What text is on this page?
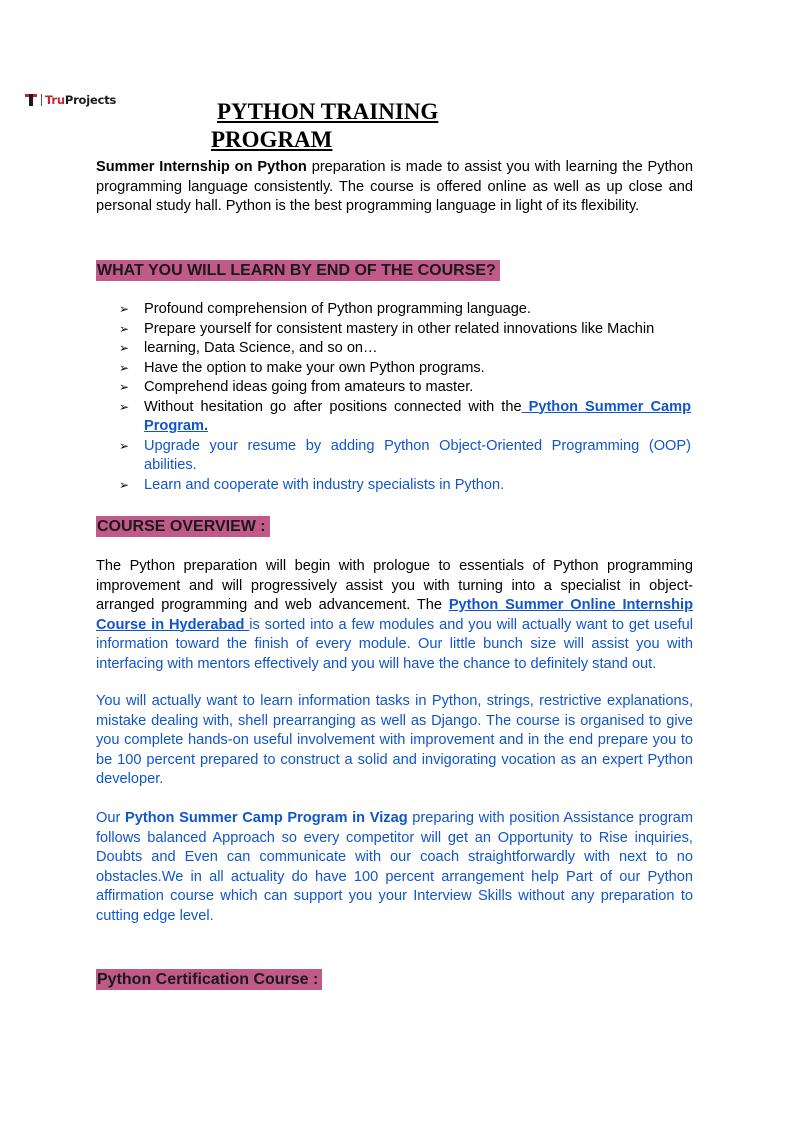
TruProjects	PYTHON TRAINING
PROGRAM

Summer Internship on Python preparation is made to assist you with learning the Python programming language consistently. The course is offered online as well as up close and personal study hall. Python is the best programming language in light of its flexibility.

WHAT YOU WILL LEARN BY END OF THE COURSE?
➢ Profound comprehension of Python programming language.
➢ Prepare yourself for consistent mastery in other related innovations like Machin
➢ learning, Data Science, and so on…
➢ Have the option to make your own Python programs.
➢ Comprehend ideas going from amateurs to master.
➢ Without hesitation go after positions connected with the Python Summer Camp Program.
➢ Upgrade your resume by adding Python Object-Oriented Programming (OOP) abilities.
➢ Learn and cooperate with industry specialists in Python.
COURSE OVERVIEW :

The Python preparation will begin with prologue to essentials of Python programming improvement and will progressively assist you with turning into a specialist in object-arranged programming and web advancement. The Python Summer Online Internship Course in Hyderabad is sorted into a few modules and you will actually want to get useful information toward the finish of every module. Our little bunch size will assist you with interfacing with mentors effectively and you will have the chance to definitely stand out.

You will actually want to learn information tasks in Python, strings, restrictive explanations, mistake dealing with, shell prearranging as well as Django. The course is organised to give you complete hands-on useful involvement with improvement and in the end prepare you to be 100 percent prepared to construct a solid and invigorating vocation as an expert Python developer.

Our Python Summer Camp Program in Vizag preparing with position Assistance program follows balanced Approach so every competitor will get an Opportunity to Rise inquiries, Doubts and Even can communicate with our coach straightforwardly with next to no obstacles.We in all actuality do have 100 percent arrangement help Part of our Python affirmation course which can support you your Interview Skills without any preparation to cutting edge level.

Python Certification Course :
